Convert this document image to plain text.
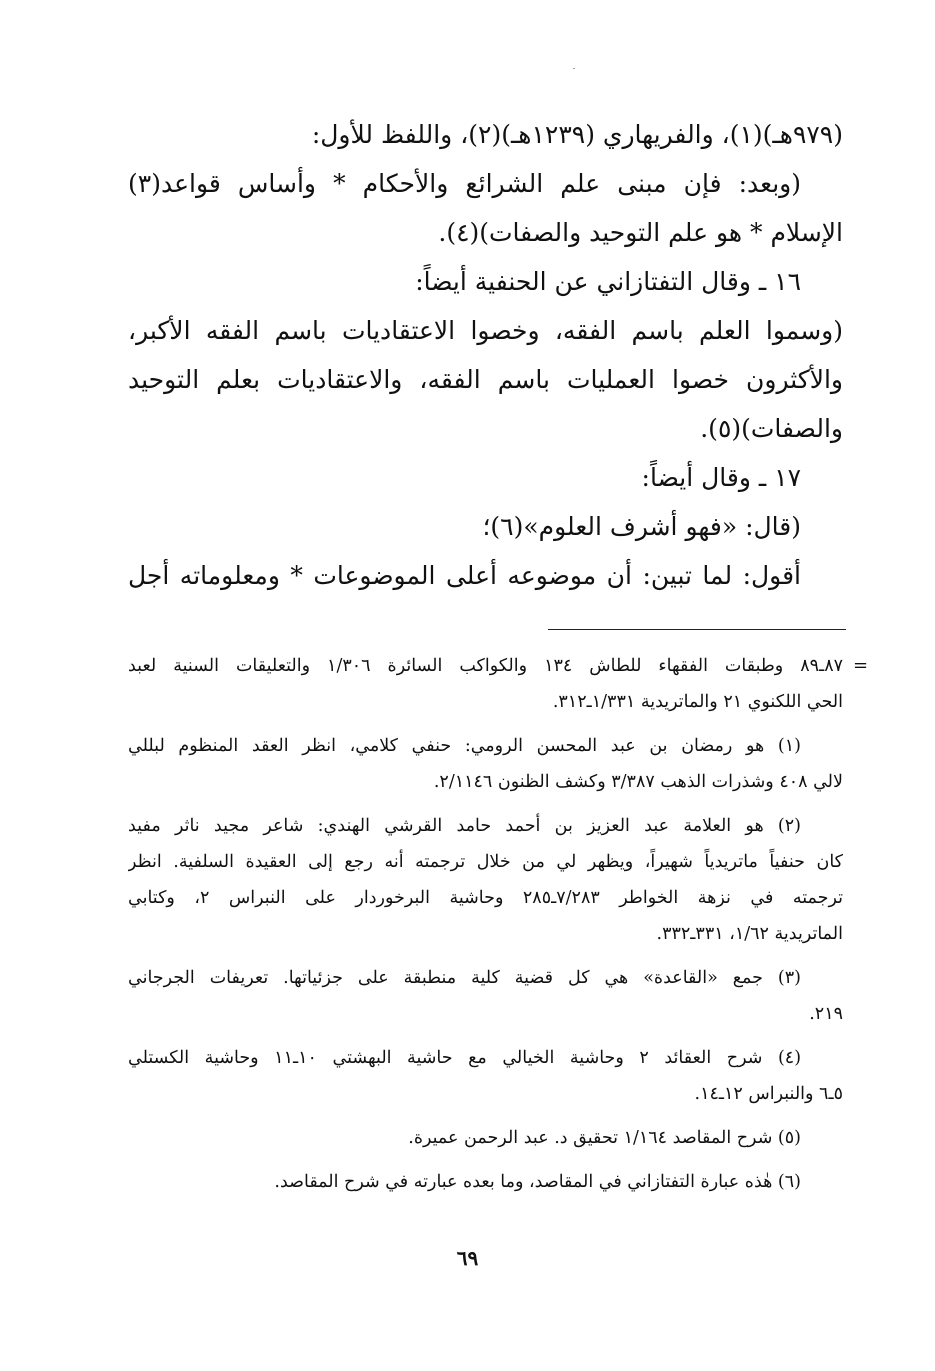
(٩٧٩هـ)(١)، والفريهاري (١٢٣٩هـ)(٢)، واللفظ للأول:
(وبعد: فإن مبنى علم الشرائع والأحكام * وأساس قواعد(٣)
الإسلام * هو علم التوحيد والصفات)(٤).
١٦ ـ وقال التفتازاني عن الحنفية أيضاً:
(وسموا العلم باسم الفقه، وخصوا الاعتقاديات باسم الفقه الأكبر،
والأكثرون خصوا العمليات باسم الفقه، والاعتقاديات بعلم التوحيد
والصفات)(٥).
١٧ ـ وقال أيضاً:
(قال: «فهو أشرف العلوم»(٦)؛
أقول: لما تبين: أن موضوعه أعلى الموضوعات * ومعلوماته أجل
=
٨٧ـ٨٩ وطبقات الفقهاء للطاش ١٣٤ والكواكب السائرة ١/٣٠٦ والتعليقات السنية لعبد
الحي اللكنوي ٢١ والماتريدية ١/٣٣١ـ٣١٢.
(١) هو رمضان بن عبد المحسن الرومي: حنفي كلامي، انظر العقد المنظوم لبللي
لالي ٤٠٨ وشذرات الذهب ٣/٣٨٧ وكشف الظنون ٢/١١٤٦.
(٢) هو العلامة عبد العزيز بن أحمد حامد القرشي الهندي: شاعر مجيد ناثر مفيد
كان حنفياً ماتريدياً شهيراً، ويظهر لي من خلال ترجمته أنه رجع إلى العقيدة السلفية. انظر
ترجمته في نزهة الخواطر ٧/٢٨٣ـ٢٨٥ وحاشية البرخوردار على النبراس ٢، وكتابي
الماتريدية ١/٦٢، ٣٣١ـ٣٣٢.
(٣) جمع «القاعدة» هي كل قضية كلية منطبقة على جزئياتها. تعريفات الجرجاني
٢١٩.
(٤) شرح العقائد ٢ وحاشية الخيالي مع حاشية البهشتي ١٠ـ١١ وحاشية الكستلي
٥ـ٦ والنبراس ١٢ـ١٤.
(٥) شرح المقاصد ١/١٦٤ تحقيق د. عبد الرحمن عميرة.
(٦) هٰذه عبارة التفتازاني في المقاصد، وما بعده عبارته في شرح المقاصد.
٦٩
